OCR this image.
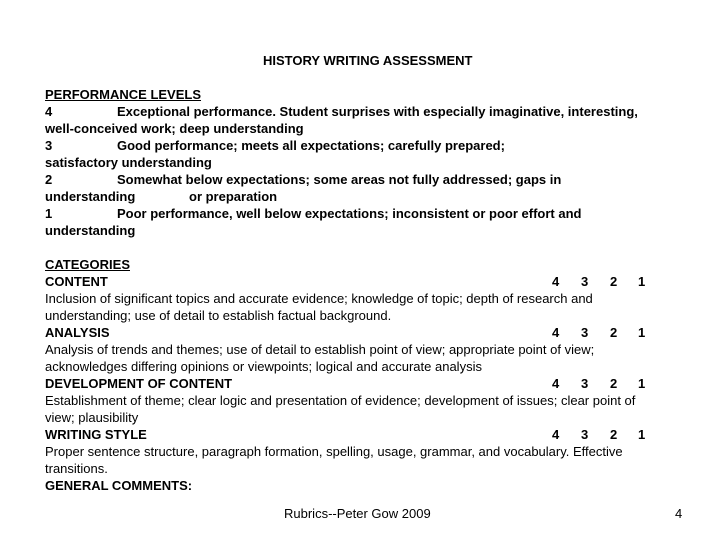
HISTORY WRITING ASSESSMENT
PERFORMANCE LEVELS
4	Exceptional performance. Student surprises with especially imaginative, interesting,
well-conceived work; deep understanding
3	Good performance; meets all expectations; carefully prepared;
satisfactory understanding
2	Somewhat below expectations; some areas not fully addressed; gaps in
understanding	or preparation
1	Poor performance, well below expectations; inconsistent or poor effort and
understanding
CATEGORIES
CONTENT	4 3 2 1
Inclusion of significant topics and accurate evidence; knowledge of topic; depth of research and
understanding; use of detail to establish factual background.
ANALYSIS	4 3 2 1
Analysis of trends and themes; use of detail to establish point of view; appropriate point of view;
acknowledges differing opinions or viewpoints; logical and accurate analysis
DEVELOPMENT OF CONTENT	4 3 2 1
Establishment of theme; clear logic and presentation of evidence; development of issues; clear point of
view; plausibility
WRITING STYLE	4 3 2 1
Proper sentence structure, paragraph formation, spelling, usage, grammar, and vocabulary. Effective
transitions.
GENERAL COMMENTS:
Rubrics--Peter Gow 2009	4
